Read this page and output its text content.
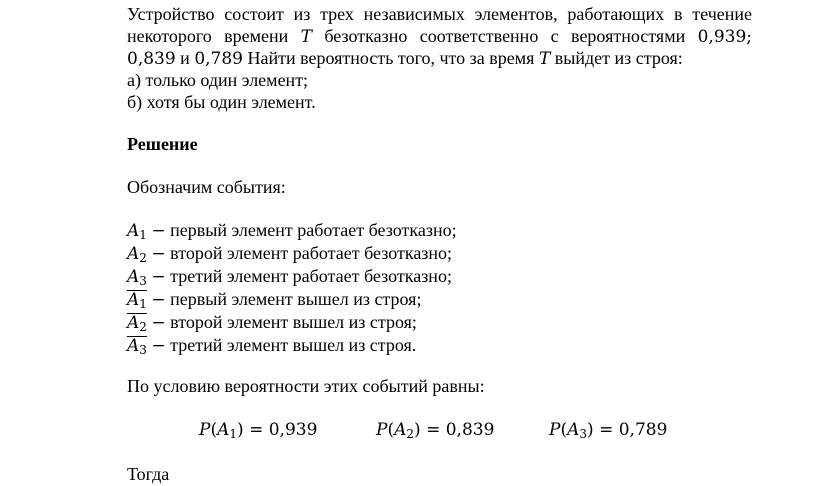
Устройство состоит из трех независимых элементов, работающих в течение
некоторого времени T безотказно соответственно с вероятностями 0,939;
0,839 и 0,789 Найти вероятность того, что за время T выйдет из строя:
а) только один элемент;
б) хотя бы один элемент.
Решение
Обозначим события:
$A_1$ − первый элемент работает безотказно;
$A_2$ − второй элемент работает безотказно;
$A_3$ − третий элемент работает безотказно;
$A_1$ − первый элемент вышел из строя;
$A_2$ − второй элемент вышел из строя;
$A_3$ − третий элемент вышел из строя.
По условию вероятности этих событий равны:
Тогда
$P(A_1) = 0,939$	$P(A_2) = 0,839$	$P(A_3) = 0,789$
